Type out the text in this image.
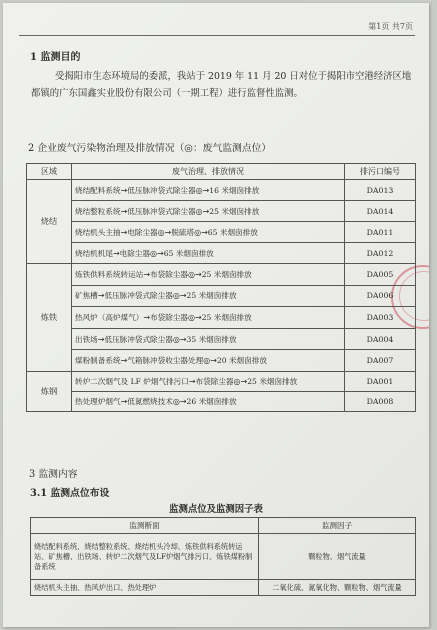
第1页 共7页
1 监测目的
受揭阳市生态环境局的委派，我站于 2019 年 11 月 20 日对位于揭阳市空港经济区地都镇的广东国鑫实业股份有限公司（一期工程）进行监督性监测。
2 企业废气污染物治理及排放情况（◎：废气监测点位）
区域	废气治理、排放情况	排污口编号
烧结	烧结配料系统→低压脉冲袋式除尘器◎→16 米烟囱排放	DA013
	烧结整粒系统→低压脉冲袋式除尘器◎→25 米烟囱排放	DA014
	烧结机头主抽→电除尘器◎→脱硫塔◎→65 米烟囱排放	DA011
	烧结机机尾→电除尘器◎→65 米烟囱排放	DA012
炼铁	炼铁供料系统转运站→布袋除尘器◎→25 米烟囱排放	DA005
	矿焦槽→低压脉冲袋式除尘器◎→25 米烟囱排放	DA006
	热风炉（高炉煤气）→布袋除尘器◎→25 米烟囱排放	DA003
	出铁场→低压脉冲袋式除尘器◎→35 米烟囱排放	DA004
	煤粉制备系统→气箱脉冲袋收尘器处理◎→20 米烟囱排放	DA007
炼钢	转炉二次烟气及 LF 炉烟气排污口→布袋除尘器◎→25 米烟囱排放	DA001
	热处理炉烟气→低氮燃烧技术◎→26 米烟囱排放	DA008
3 监测内容
3.1 监测点位布设
监测点位及监测因子表
监测断面	监测因子
烧结配料系统、烧结整粒系统、烧结机头冷却、炼铁供料系统转运站、矿焦槽、出铁场、转炉二次烟气及LF炉烟气排污口、炼铁煤粉制备系统	颗粒物、烟气流量
烧结机头主抽、热风炉出口、热处理炉	二氧化硫、氮氧化物、颗粒物、烟气流量
